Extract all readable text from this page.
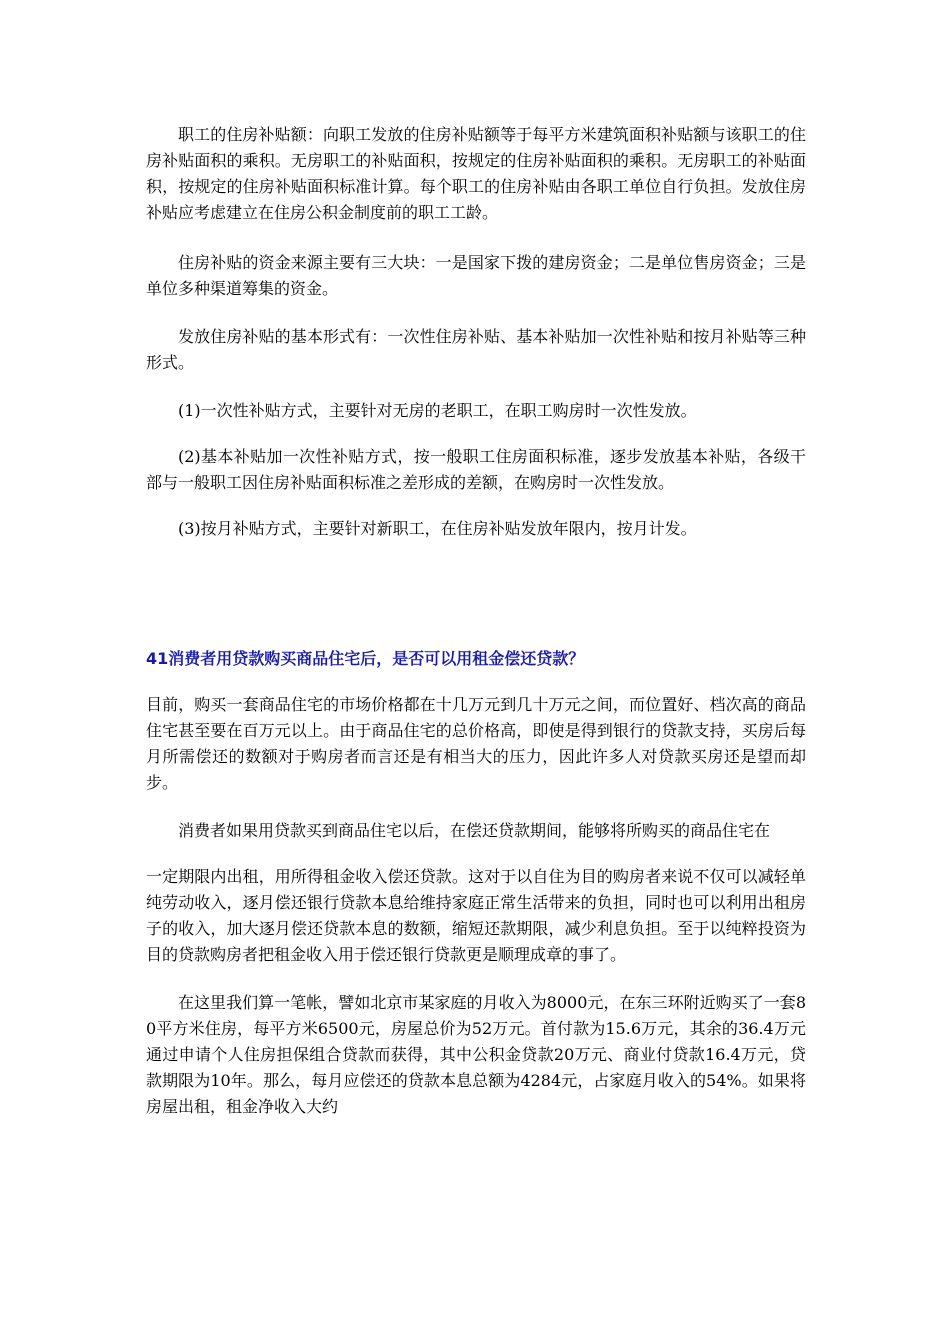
职工的住房补贴额：向职工发放的住房补贴额等于每平方米建筑面积补贴额与该职工的住房补贴面积的乘积。无房职工的补贴面积，按规定的住房补贴面积的乘积。无房职工的补贴面积，按规定的住房补贴面积标准计算。每个职工的住房补贴由各职工单位自行负担。发放住房补贴应考虑建立在住房公积金制度前的职工工龄。

住房补贴的资金来源主要有三大块：一是国家下拨的建房资金；二是单位售房资金；三是单位多种渠道筹集的资金。

发放住房补贴的基本形式有：一次性住房补贴、基本补贴加一次性补贴和按月补贴等三种形式。

(1)一次性补贴方式，主要针对无房的老职工，在职工购房时一次性发放。

(2)基本补贴加一次性补贴方式，按一般职工住房面积标准，逐步发放基本补贴，各级干部与一般职工因住房补贴面积标准之差形成的差额，在购房时一次性发放。

(3)按月补贴方式，主要针对新职工，在住房补贴发放年限内，按月计发。

41消费者用贷款购买商品住宅后，是否可以用租金偿还贷款？

目前，购买一套商品住宅的市场价格都在十几万元到几十万元之间，而位置好、档次高的商品住宅甚至要在百万元以上。由于商品住宅的总价格高，即使是得到银行的贷款支持，买房后每月所需偿还的数额对于购房者而言还是有相当大的压力，因此许多人对贷款买房还是望而却步。

消费者如果用贷款买到商品住宅以后，在偿还贷款期间，能够将所购买的商品住宅在

一定期限内出租，用所得租金收入偿还贷款。这对于以自住为目的购房者来说不仅可以减轻单纯劳动收入，逐月偿还银行贷款本息给维持家庭正常生活带来的负担，同时也可以利用出租房子的收入，加大逐月偿还贷款本息的数额，缩短还款期限，减少利息负担。至于以纯粹投资为目的贷款购房者把租金收入用于偿还银行贷款更是顺理成章的事了。

在这里我们算一笔帐，譬如北京市某家庭的月收入为8000元，在东三环附近购买了一套80平方米住房，每平方米6500元，房屋总价为52万元。首付款为15.6万元，其余的36.4万元通过申请个人住房担保组合贷款而获得，其中公积金贷款20万元、商业付贷款16.4万元，贷款期限为10年。那么，每月应偿还的贷款本息总额为4284元，占家庭月收入的54%。如果将房屋出租，租金净收入大约
